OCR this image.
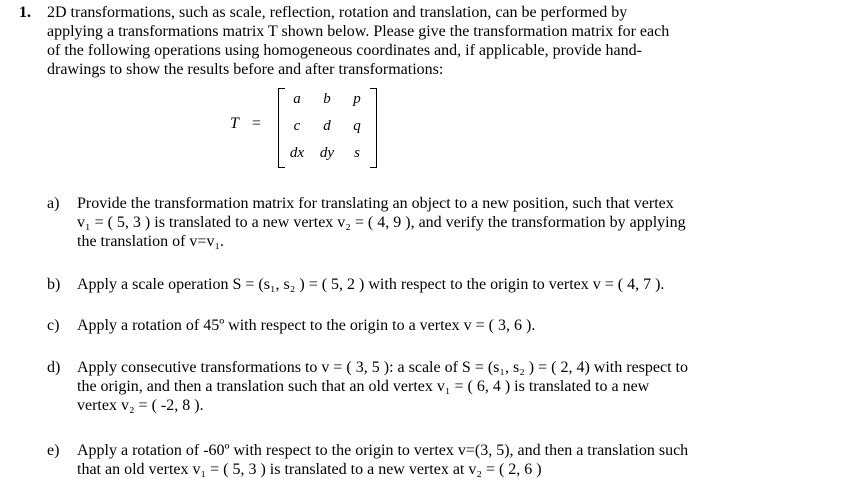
1. 2D transformations, such as scale, reflection, rotation and translation, can be performed by
applying a transformations matrix T shown below. Please give the transformation matrix for each
of the following operations using homogeneous coordinates and, if applicable, provide hand-
drawings to show the results before and after transformations:
T =
a	b	p
c	d	q
dx	dy	s
a) Provide the transformation matrix for translating an object to a new position, such that vertex
v₁ = ( 5, 3 ) is translated to a new vertex v₂ = ( 4, 9 ), and verify the transformation by applying
the translation of v=v₁.
b) Apply a scale operation S = (s₁, s₂ ) = ( 5, 2 ) with respect to the origin to vertex v = ( 4, 7 ).
c) Apply a rotation of 45º with respect to the origin to a vertex v = ( 3, 6 ).
d) Apply consecutive transformations to v = ( 3, 5 ): a scale of S = (s₁, s₂ ) = ( 2, 4) with respect to
the origin, and then a translation such that an old vertex v₁ = ( 6, 4 ) is translated to a new
vertex v₂ = ( -2, 8 ).
e) Apply a rotation of -60º with respect to the origin to vertex v=(3, 5), and then a translation such
that an old vertex v₁ = ( 5, 3 ) is translated to a new vertex at v₂ = ( 2, 6 )
